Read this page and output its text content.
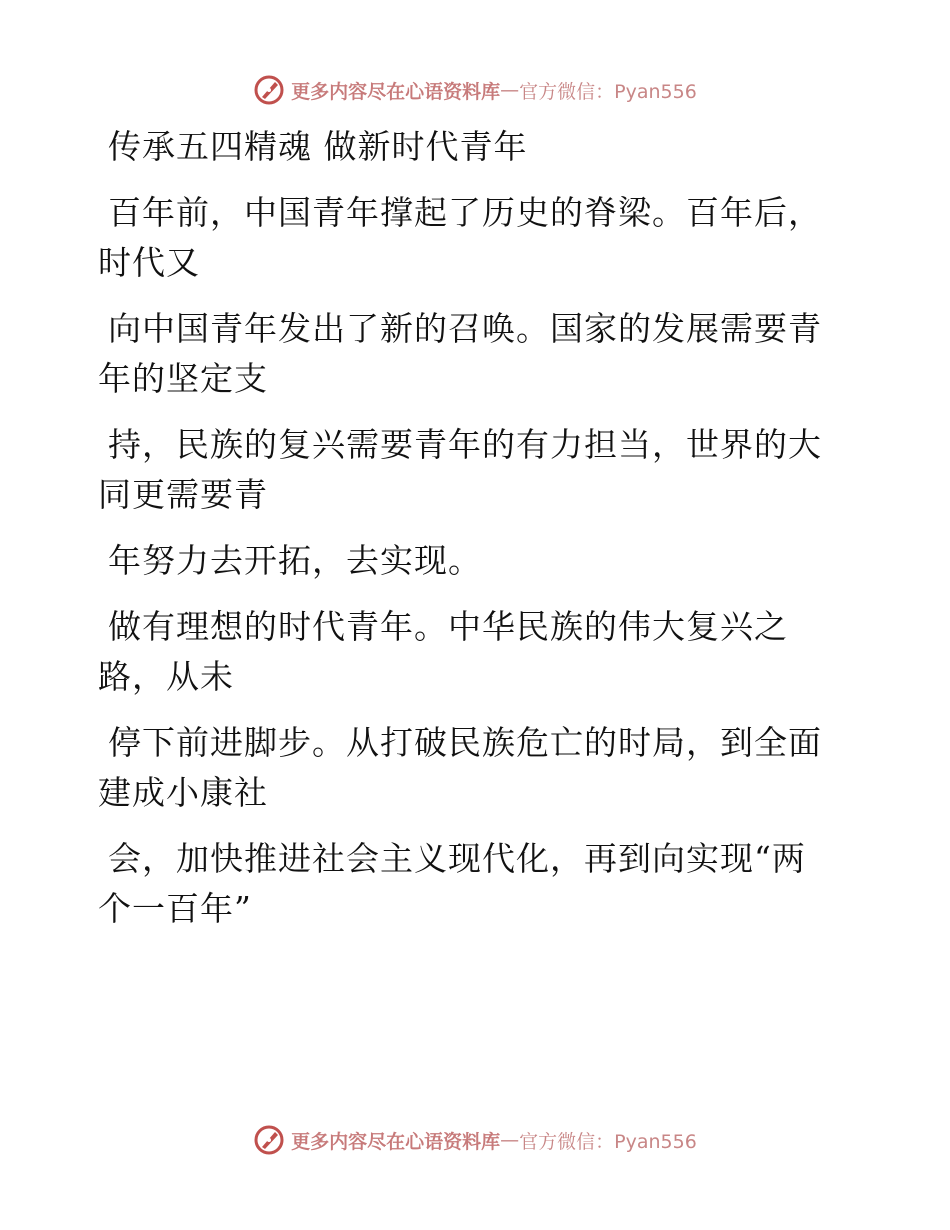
更多内容尽在心语资料库 — 官方微信：Pyan556
传承五四精魂 做新时代青年
百年前，中国青年撑起了历史的脊梁。百年后，
时代又
向中国青年发出了新的召唤。国家的发展需要青
年的坚定支
持，民族的复兴需要青年的有力担当，世界的大
同更需要青
年努力去开拓，去实现。
做有理想的时代青年。中华民族的伟大复兴之
路，从未
停下前进脚步。从打破民族危亡的时局，到全面
建成小康社
会，加快推进社会主义现代化，再到向实现“两
个一百年”
更多内容尽在心语资料库 — 官方微信：Pyan556
